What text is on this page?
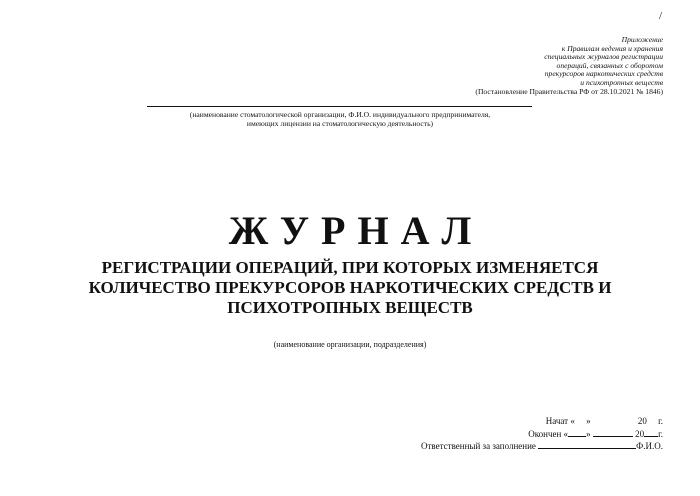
/
Приложение
к Правилам ведения и хранения
специальных журналов регистрации
операций, связанных с оборотом
прекурсоров наркотических средств
и психотропных веществ
(Постановление Правительства РФ от 28.10.2021 № 1846)
(наименование стоматологической организации, Ф.И.О. индивидуального предпринимателя,
имеющих лицензии на стоматологическую деятельность)
ЖУРНАЛ
РЕГИСТРАЦИИ ОПЕРАЦИЙ, ПРИ КОТОРЫХ ИЗМЕНЯЕТСЯ
КОЛИЧЕСТВО ПРЕКУРСОРОВ НАРКОТИЧЕСКИХ СРЕДСТВ И
ПСИХОТРОПНЫХ ВЕЩЕСТВ
(наименование организации, подразделения)
Начат «     »                     20     г.
Окончен « »	20 г.
Ответственный за заполнение	Ф.И.О.
